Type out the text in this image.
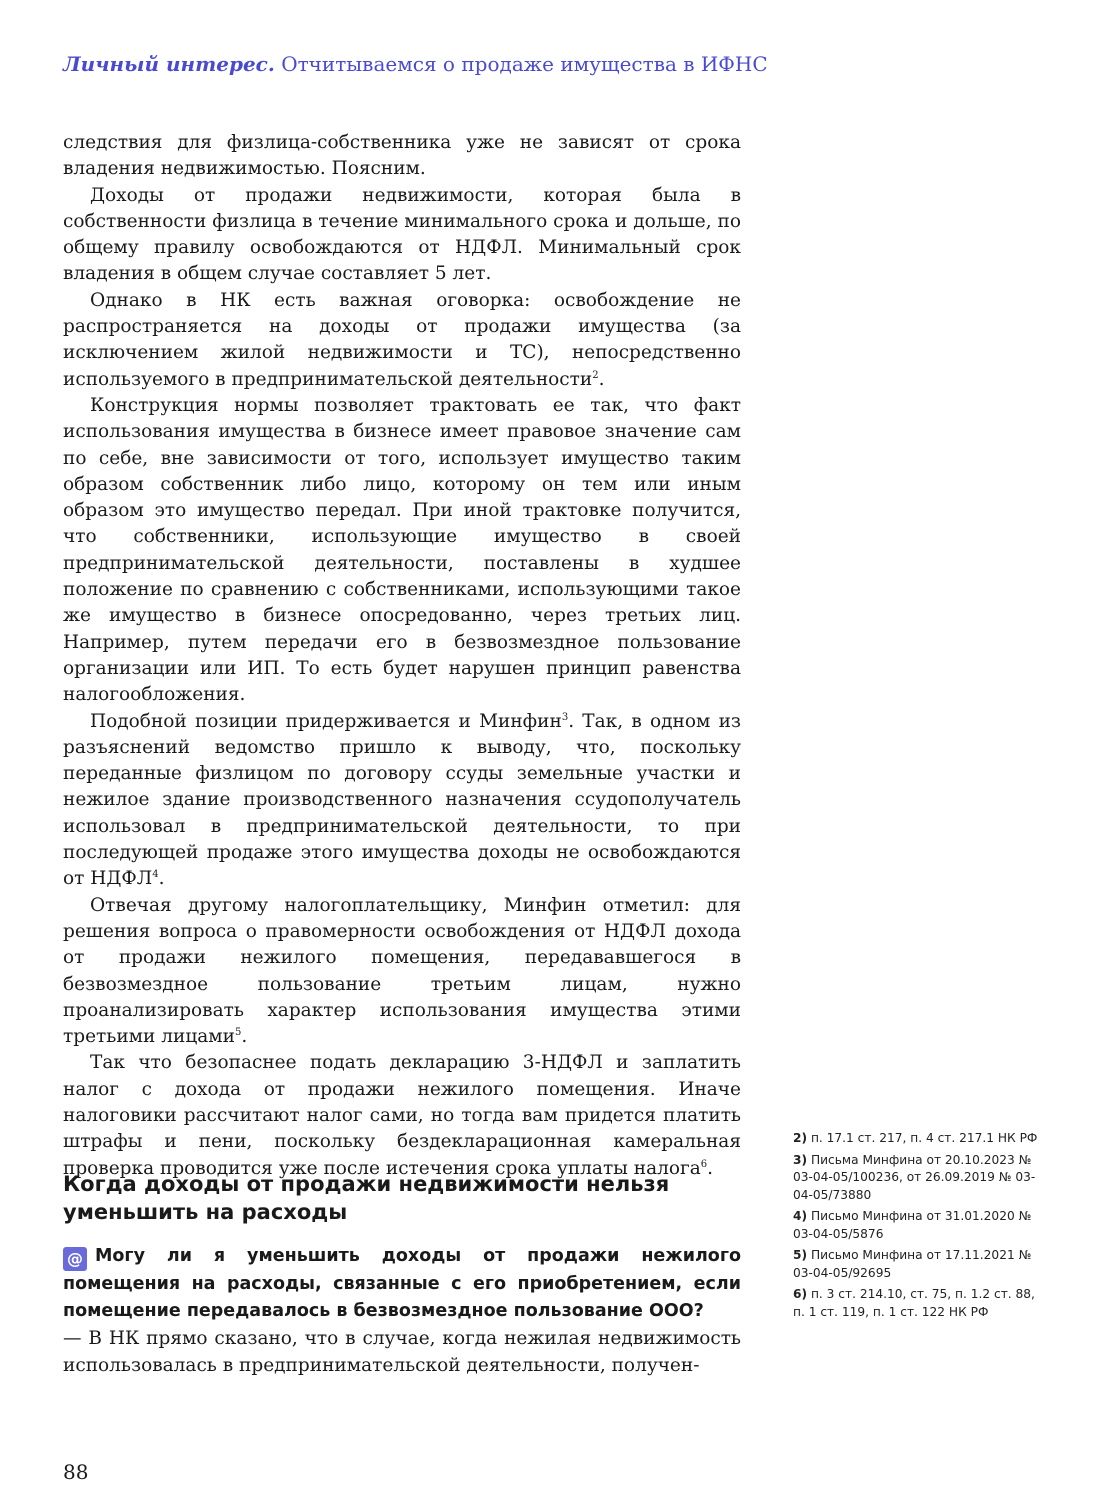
Личный интерес. Отчитываемся о продаже имущества в ИФНС

следствия для физлица-собственника уже не зависят от срока владения недвижимостью. Поясним.

Доходы от продажи недвижимости, которая была в собственности физлица в течение минимального срока и дольше, по общему правилу освобождаются от НДФЛ. Минимальный срок владения в общем случае составляет 5 лет.

Однако в НК есть важная оговорка: освобождение не распространяется на доходы от продажи имущества (за исключением жилой недвижимости и ТС), непосредственно используемого в предпринимательской деятельности$^2$.

Конструкция нормы позволяет трактовать ее так, что факт использования имущества в бизнесе имеет правовое значение сам по себе, вне зависимости от того, использует имущество таким образом собственник либо лицо, которому он тем или иным образом это имущество передал. При иной трактовке получится, что собственники, использующие имущество в своей предпринимательской деятельности, поставлены в худшее положение по сравнению с собственниками, использующими такое же имущество в бизнесе опосредованно, через третьих лиц. Например, путем передачи его в безвозмездное пользование организации или ИП. То есть будет нарушен принцип равенства налогообложения.

Подобной позиции придерживается и Минфин$^3$. Так, в одном из разъяснений ведомство пришло к выводу, что, поскольку переданные физлицом по договору ссуды земельные участки и нежилое здание производственного назначения ссудополучатель использовал в предпринимательской деятельности, то при последующей продаже этого имущества доходы не освобождаются от НДФЛ$^4$.

Отвечая другому налогоплательщику, Минфин отметил: для решения вопроса о правомерности освобождения от НДФЛ дохода от продажи нежилого помещения, передававшегося в безвозмездное пользование третьим лицам, нужно проанализировать характер использования имущества этими третьими лицами$^5$.

Так что безопаснее подать декларацию 3-НДФЛ и заплатить налог с дохода от продажи нежилого помещения. Иначе налоговики рассчитают налог сами, но тогда вам придется платить штрафы и пени, поскольку бездекларационная камеральная проверка проводится уже после истечения срока уплаты налога$^6$.

Когда доходы от продажи недвижимости нельзя уменьшить на расходы

@ Могу ли я уменьшить доходы от продажи нежилого помещения на расходы, связанные с его приобретением, если помещение передавалось в безвозмездное пользование ООО?

— В НК прямо сказано, что в случае, когда нежилая недвижимость использовалась в предпринимательской деятельности, получен-

2) п. 17.1 ст. 217, п. 4 ст. 217.1 НК РФ
3) Письма Минфина от 20.10.2023 № 03-04-05/100236, от 26.09.2019 № 03-04-05/73880
4) Письмо Минфина от 31.01.2020 № 03-04-05/5876
5) Письмо Минфина от 17.11.2021 № 03-04-05/92695
6) п. 3 ст. 214.10, ст. 75, п. 1.2 ст. 88, п. 1 ст. 119, п. 1 ст. 122 НК РФ
88
